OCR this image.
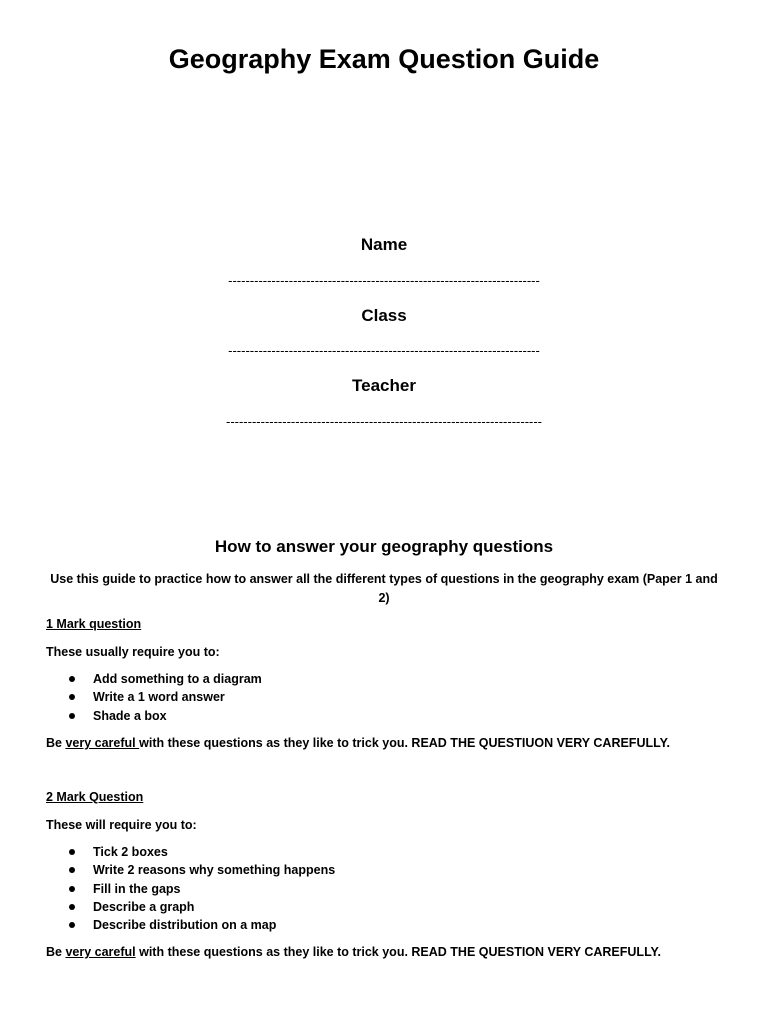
Geography Exam Question Guide
Name
------------------------------------------------------------------------
Class
------------------------------------------------------------------------
Teacher
-------------------------------------------------------------------------
How to answer your geography questions
Use this guide to practice how to answer all the different types of questions in the geography exam (Paper 1 and 2)
1 Mark question
These usually require you to:
Add something to a diagram
Write a 1 word answer
Shade a box
Be very careful with these questions as they like to trick you. READ THE QUESTIUON VERY CAREFULLY.
2 Mark Question
These will require you to:
Tick 2 boxes
Write 2 reasons why something happens
Fill in the gaps
Describe a graph
Describe distribution on a map
Be very careful with these questions as they like to trick you. READ THE QUESTION VERY CAREFULLY.
